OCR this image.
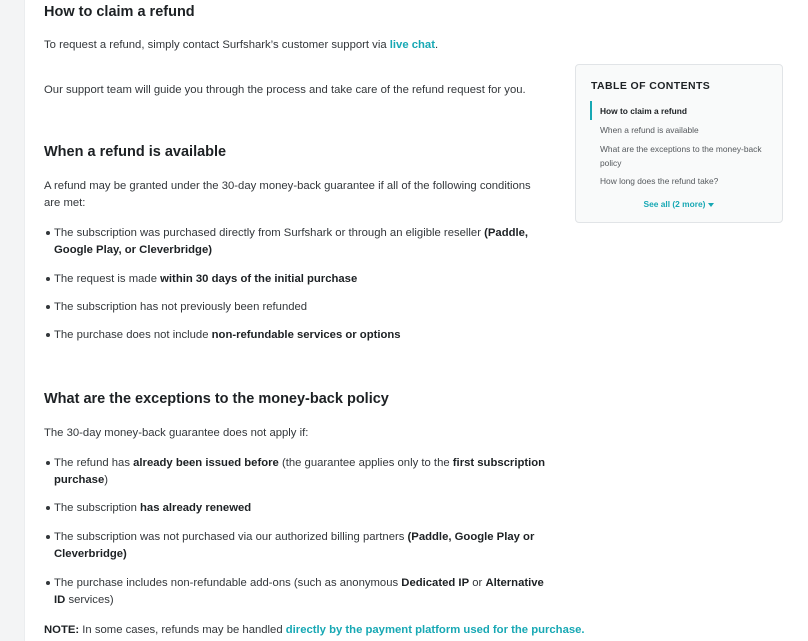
How to claim a refund

To request a refund, simply contact Surfshark’s customer support via live chat.

Our support team will guide you through the process and take care of the refund request for you.

When a refund is available

A refund may be granted under the 30-day money-back guarantee if all of the following conditions are met:

The subscription was purchased directly from Surfshark or through an eligible reseller (Paddle, Google Play, or Cleverbridge)
The request is made within 30 days of the initial purchase
The subscription has not previously been refunded
The purchase does not include non-refundable services or options
What are the exceptions to the money-back policy

The 30-day money-back guarantee does not apply if:

The refund has already been issued before (the guarantee applies only to the first subscription purchase)
The subscription has already renewed
The subscription was not purchased via our authorized billing partners (Paddle, Google Play or Cleverbridge)
The purchase includes non-refundable add-ons (such as anonymous Dedicated IP or Alternative ID services)

NOTE: In some cases, refunds may be handled directly by the payment platform used for the purchase.

TABLE OF CONTENTS
How to claim a refund
When a refund is available
What are the exceptions to the money-back policy
How long does the refund take?
See all (2 more)
